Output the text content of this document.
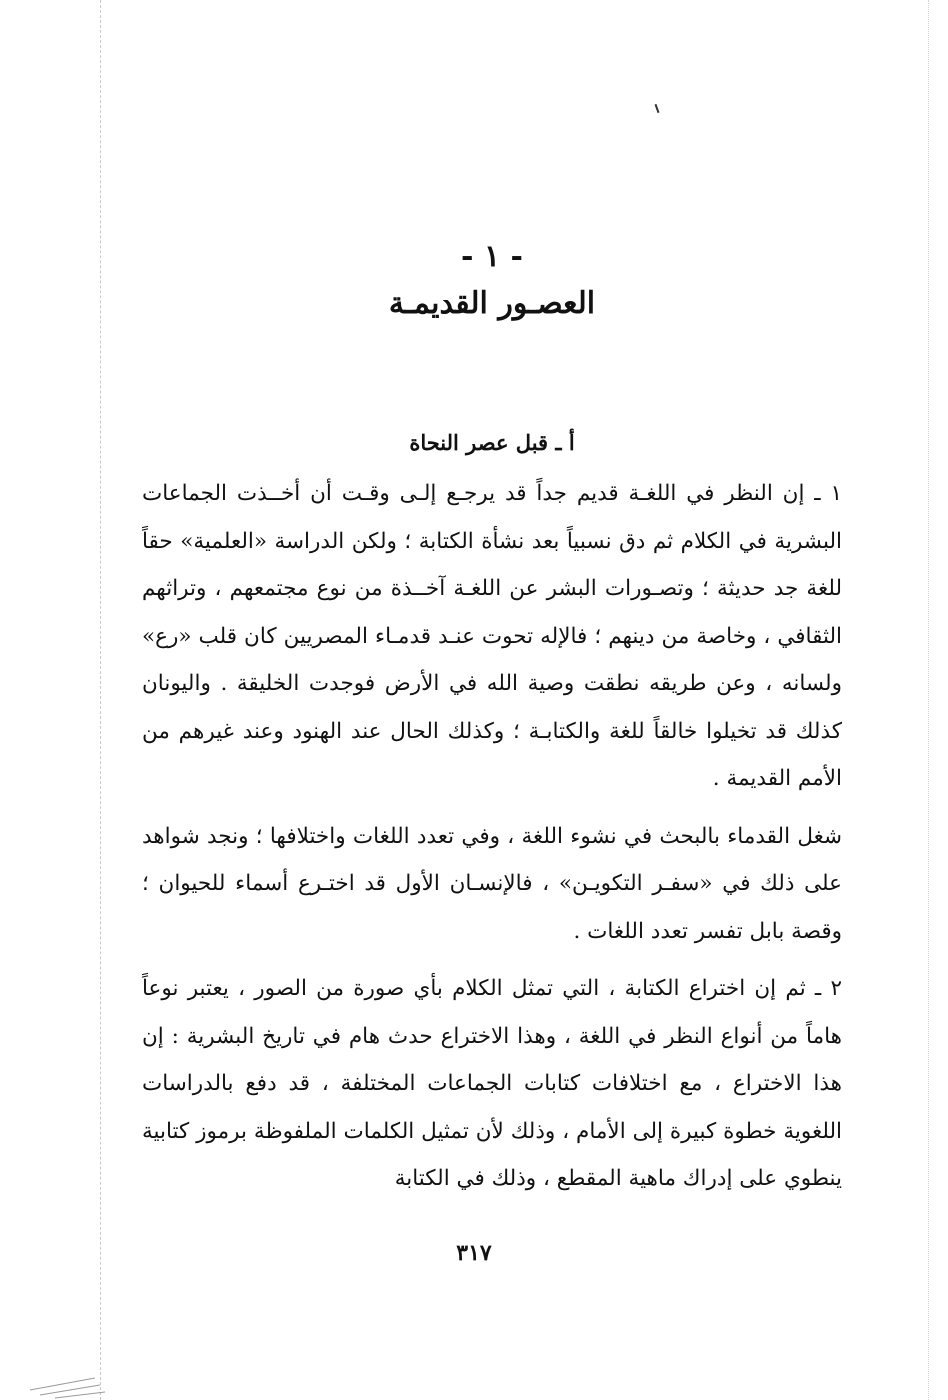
- ١ -
العصـور القديمـة
أ ـ قبل عصر النحاة

١ ـ إن النظر في اللغـة قديم جداً قد يرجـع إلـى وقـت أن أخــذت الجماعات البشرية في الكلام ثم دق نسبياً بعد نشأة الكتابة ؛ ولكن الدراسة «العلمية» حقاً للغة جد حديثة ؛ وتصـورات البشر عن اللغـة آخــذة من نوع مجتمعهم ، وتراثهم الثقافي ، وخاصة من دينهم ؛ فالإله تحوت عنـد قدمـاء المصريين كان قلب «رع» ولسانه ، وعن طريقه نطقت وصية الله في الأرض فوجدت الخليقة . واليونان كذلك قد تخيلوا خالقاً للغة والكتابـة ؛ وكذلك الحال عند الهنود وعند غيرهم من الأمم القديمة .

شغل القدماء بالبحث في نشوء اللغة ، وفي تعدد اللغات واختلافها ؛ ونجد شواهد على ذلك في «سفـر التكويـن» ، فالإنسـان الأول قد اختـرع أسماء للحيوان ؛ وقصة بابل تفسر تعدد اللغات .

٢ ـ ثم إن اختراع الكتابة ، التي تمثل الكلام بأي صورة من الصور ، يعتبر نوعاً هاماً من أنواع النظر في اللغة ، وهذا الاختراع حدث هام في تاريخ البشرية : إن هذا الاختراع ، مع اختلافات كتابات الجماعات المختلفة ، قد دفع بالدراسات اللغوية خطوة كبيرة إلى الأمام ، وذلك لأن تمثيل الكلمات الملفوظة برموز كتابية ينطوي على إدراك ماهية المقطع ، وذلك في الكتابة

٣١٧
